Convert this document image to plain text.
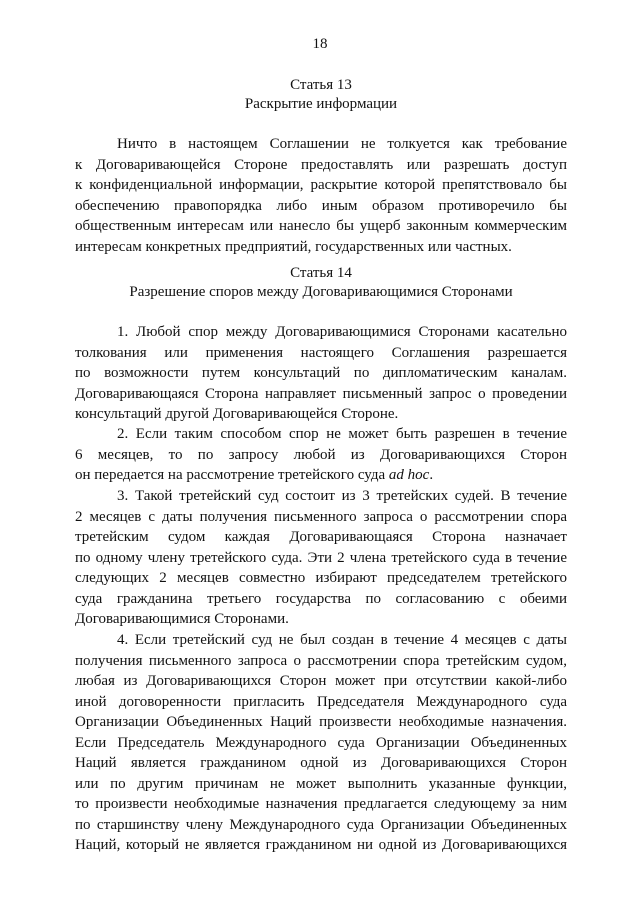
18
Статья 13
Раскрытие информации
Ничто в настоящем Соглашении не толкуется как требование
к Договаривающейся Стороне предоставлять или разрешать доступ
к конфиденциальной информации, раскрытие которой препятствовало бы
обеспечению правопорядка либо иным образом противоречило бы
общественным интересам или нанесло бы ущерб законным коммерческим
интересам конкретных предприятий, государственных или частных.
Статья 14
Разрешение споров между Договаривающимися Сторонами
1. Любой спор между Договаривающимися Сторонами касательно
толкования или применения настоящего Соглашения разрешается
по возможности путем консультаций по дипломатическим каналам.
Договаривающаяся Сторона направляет письменный запрос о проведении
консультаций другой Договаривающейся Стороне.
2. Если таким способом спор не может быть разрешен в течение
6 месяцев, то по запросу любой из Договаривающихся Сторон
он передается на рассмотрение третейского суда ad hoc.
3. Такой третейский суд состоит из 3 третейских судей. В течение
2 месяцев с даты получения письменного запроса о рассмотрении спора
третейским судом каждая Договаривающаяся Сторона назначает
по одному члену третейского суда. Эти 2 члена третейского суда в течение
следующих 2 месяцев совместно избирают председателем третейского
суда гражданина третьего государства по согласованию с обеими
Договаривающимися Сторонами.
4. Если третейский суд не был создан в течение 4 месяцев с даты
получения письменного запроса о рассмотрении спора третейским судом,
любая из Договаривающихся Сторон может при отсутствии какой-либо
иной договоренности пригласить Председателя Международного суда
Организации Объединенных Наций произвести необходимые назначения.
Если Председатель Международного суда Организации Объединенных
Наций является гражданином одной из Договаривающихся Сторон
или по другим причинам не может выполнить указанные функции,
то произвести необходимые назначения предлагается следующему за ним
по старшинству члену Международного суда Организации Объединенных
Наций, который не является гражданином ни одной из Договаривающихся
